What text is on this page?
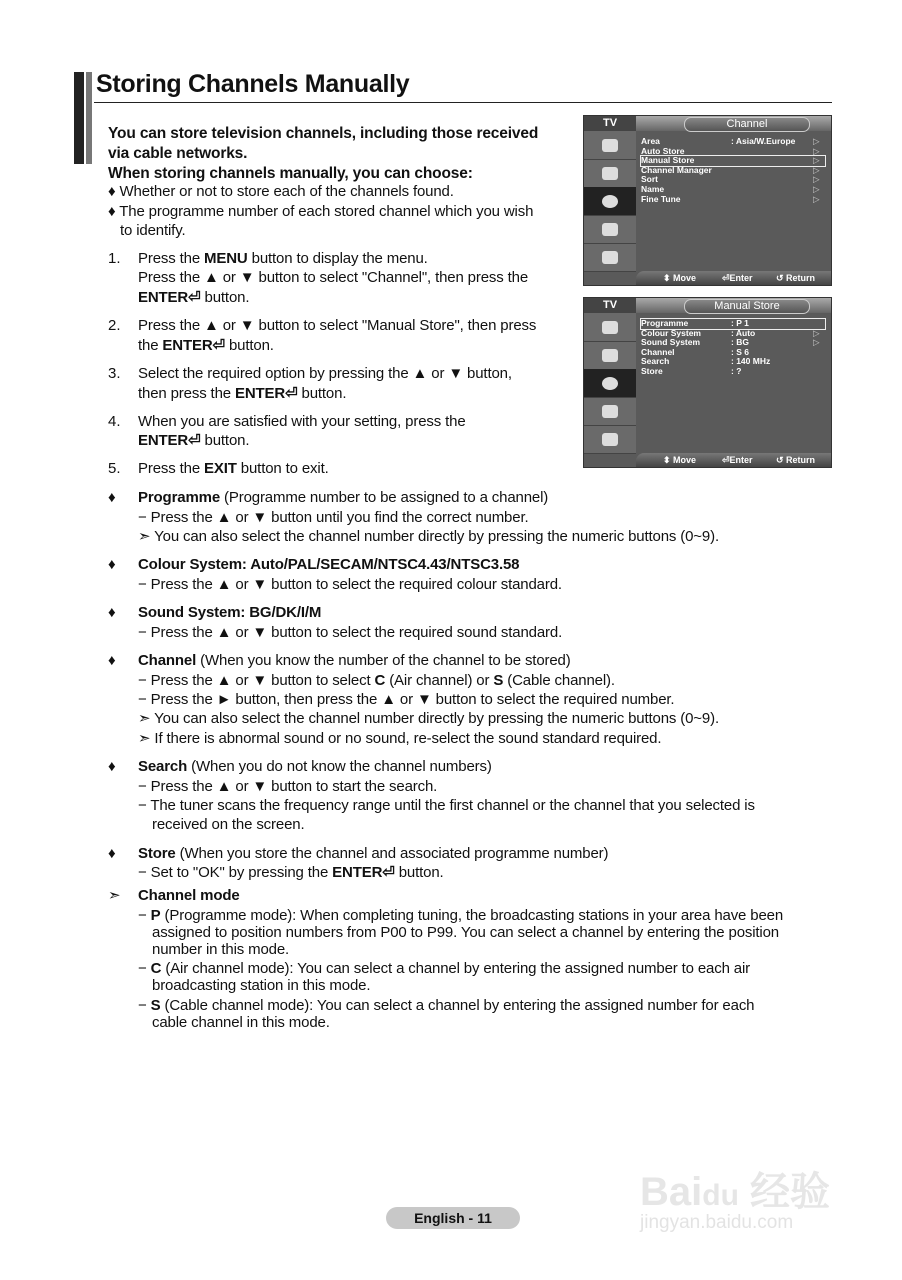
Storing Channels Manually
You can store television channels, including those received
via cable networks.
When storing channels manually, you can choose:
♦ Whether or not to store each of the channels found.
♦ The programme number of each stored channel which you wish
to identify.
1. Press the MENU button to display the menu.
Press the ▲ or ▼ button to select "Channel", then press the
ENTER⏎ button.
2. Press the ▲ or ▼ button to select "Manual Store", then press
the ENTER⏎ button.
3. Select the required option by pressing the ▲ or ▼ button,
then press the ENTER⏎ button.
4. When you are satisfied with your setting, press the
ENTER⏎ button.
5. Press the EXIT button to exit.
♦ Programme (Programme number to be assigned to a channel)
− Press the ▲ or ▼ button until you find the correct number.
➣ You can also select the channel number directly by pressing the numeric buttons (0~9).
♦ Colour System: Auto/PAL/SECAM/NTSC4.43/NTSC3.58
− Press the ▲ or ▼ button to select the required colour standard.
♦ Sound System: BG/DK/I/M
− Press the ▲ or ▼ button to select the required sound standard.
♦ Channel (When you know the number of the channel to be stored)
− Press the ▲ or ▼ button to select C (Air channel) or S (Cable channel).
− Press the ► button, then press the ▲ or ▼ button to select the required number.
➣ You can also select the channel number directly by pressing the numeric buttons (0~9).
➣ If there is abnormal sound or no sound, re-select the sound standard required.
♦ Search (When you do not know the channel numbers)
− Press the ▲ or ▼ button to start the search.
− The tuner scans the frequency range until the first channel or the channel that you selected is
received on the screen.
♦ Store (When you store the channel and associated programme number)
− Set to "OK" by pressing the ENTER⏎ button.
➣ Channel mode
− P (Programme mode): When completing tuning, the broadcasting stations in your area have been
assigned to position numbers from P00 to P99. You can select a channel by entering the position
number in this mode.
− C (Air channel mode): You can select a channel by entering the assigned number to each air
broadcasting station in this mode.
− S (Cable channel mode): You can select a channel by entering the assigned number for each
cable channel in this mode.
TV	Channel
Area	: Asia/W.Europe ▷
Auto Store	▷
Manual Store	▷
Channel Manager	▷
Sort	▷
Name	▷
Fine Tune	▷
⬍ Move	⏎Enter	↺ Return
TV	Manual Store
Programme	: P 1
Colour System	: Auto	▷
Sound System	: BG	▷
Channel	: S 6
Search	: 140 MHz
Store	: ?
⬍ Move	⏎Enter	↺ Return
Baidu 经验
jingyan.baidu.com
English - 11
